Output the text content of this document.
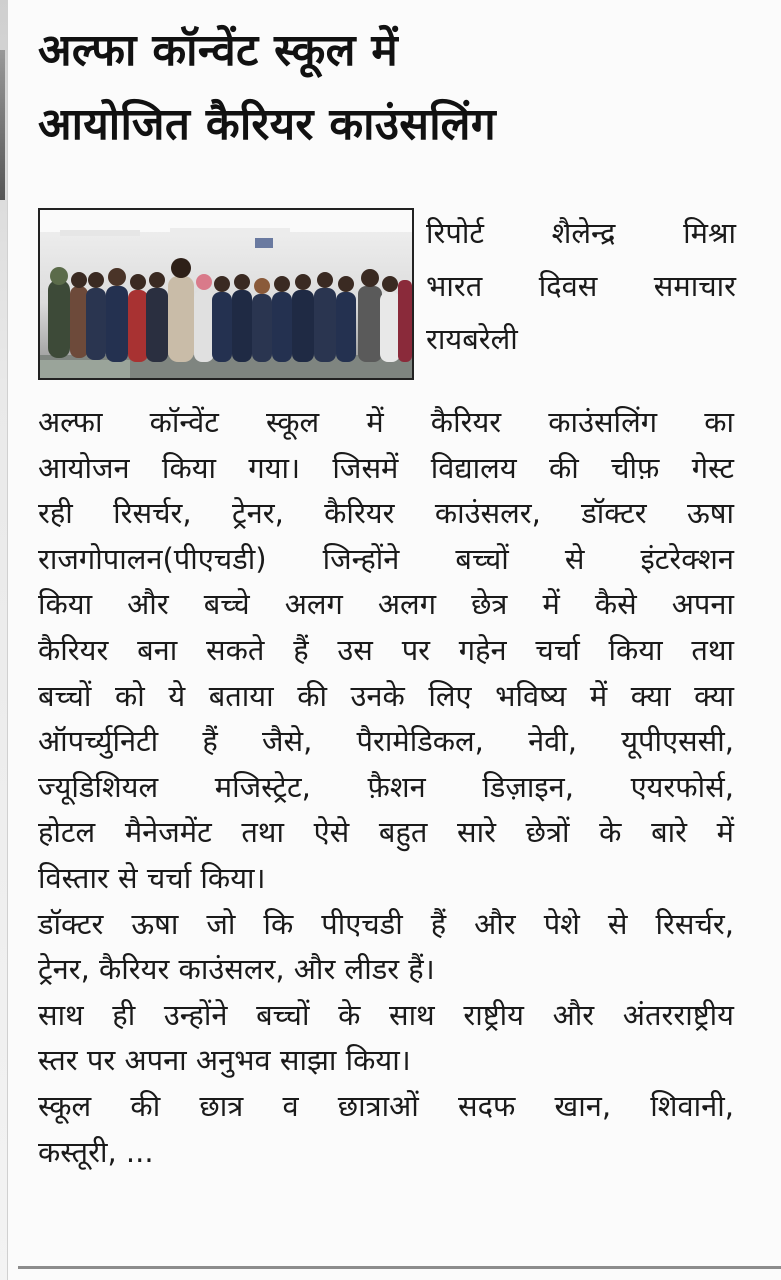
अल्फा कॉन्वेंट स्कूल में
आयोजित कैरियर काउंसलिंग
रिपोर्ट शैलेन्द्र मिश्रा
भारत दिवस समाचार
रायबरेली
अल्फा कॉन्वेंट स्कूल में कैरियर काउंसलिंग का
आयोजन किया गया। जिसमें विद्यालय की चीफ़ गेस्ट
रही रिसर्चर, ट्रेनर, कैरियर काउंसलर, डॉक्टर ऊषा
राजगोपालन(पीएचडी) जिन्होंने बच्चों से इंटरेक्शन
किया और बच्चे अलग अलग छेत्र में कैसे अपना
कैरियर बना सकते हैं उस पर गहेन चर्चा किया तथा
बच्चों को ये बताया की उनके लिए भविष्य में क्या क्या
ऑपर्च्युनिटी हैं जैसे, पैरामेडिकल, नेवी, यूपीएससी,
ज्यूडिशियल मजिस्ट्रेट, फ़ैशन डिज़ाइन, एयरफोर्स,
होटल मैनेजमेंट तथा ऐसे बहुत सारे छेत्रों के बारे में
विस्तार से चर्चा किया।
डॉक्टर ऊषा जो कि पीएचडी हैं और पेशे से रिसर्चर,
ट्रेनर, कैरियर काउंसलर, और लीडर हैं।
साथ ही उन्होंने बच्चों के साथ राष्ट्रीय और अंतरराष्ट्रीय
स्तर पर अपना अनुभव साझा किया।
स्कूल की छात्र व छात्राओं सदफ खान, शिवानी,
कस्तूरी, ...
